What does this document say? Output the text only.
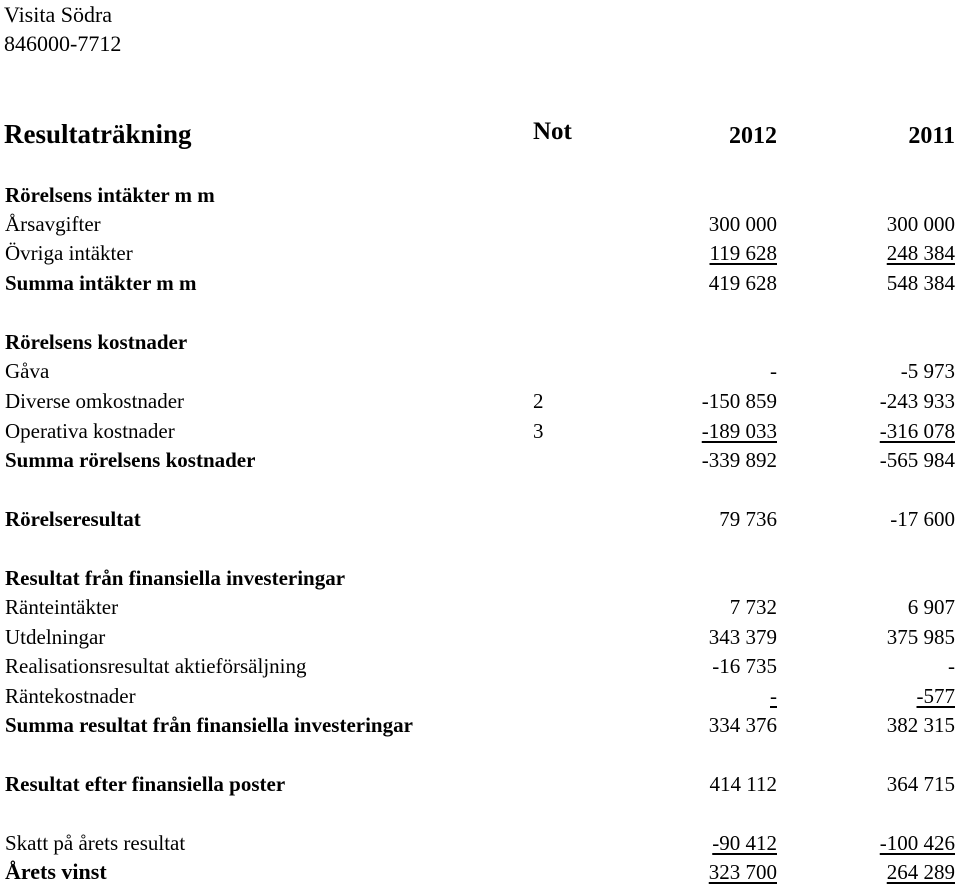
Visita Södra
846000-7712
Resultaträkning	Not	2012	2011
Rörelsens intäkter m m
Årsavgifter	300 000	300 000
Övriga intäkter	119 628	248 384
Summa intäkter m m	419 628	548 384
Rörelsens kostnader
Gåva	-	-5 973
Diverse omkostnader	2	-150 859	-243 933
Operativa kostnader	3	-189 033	-316 078
Summa rörelsens kostnader	-339 892	-565 984
Rörelseresultat	79 736	-17 600
Resultat från finansiella investeringar
Ränteintäkter	7 732	6 907
Utdelningar	343 379	375 985
Realisationsresultat aktieförsäljning	-16 735	-
Räntekostnader	-	-577
Summa resultat från finansiella investeringar	334 376	382 315
Resultat efter finansiella poster	414 112	364 715
Skatt på årets resultat	-90 412	-100 426
Årets vinst	323 700	264 289
